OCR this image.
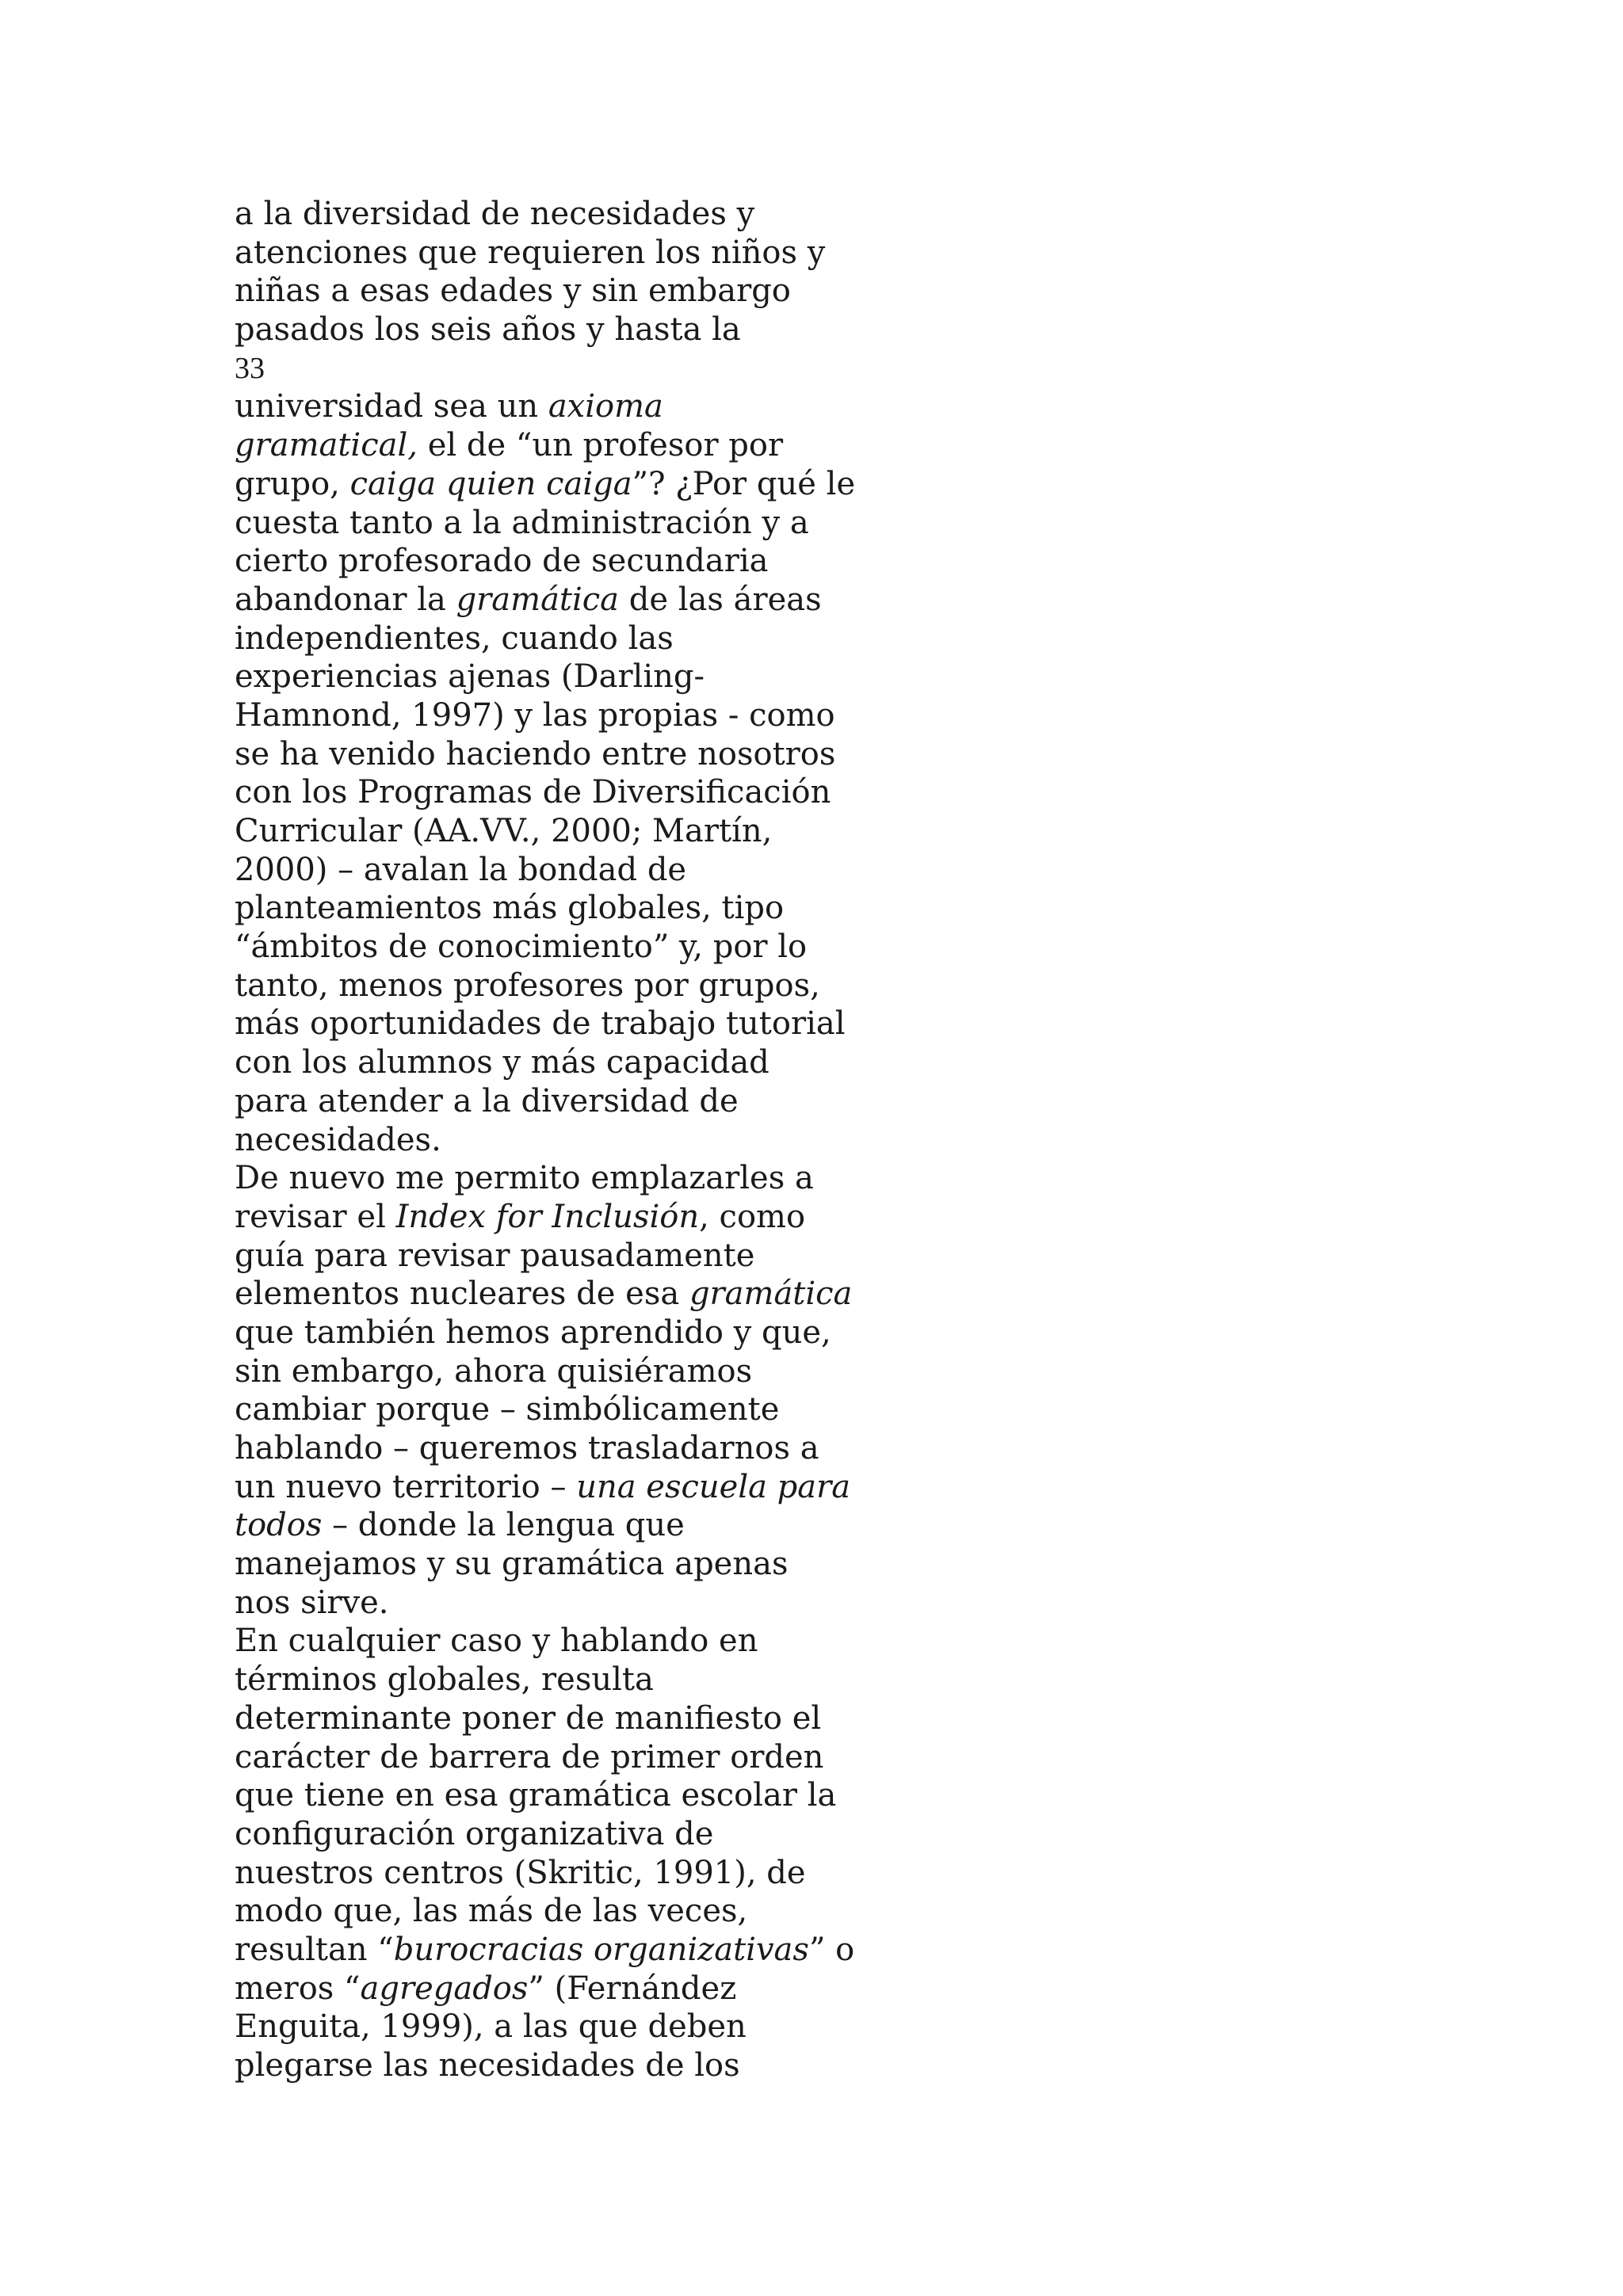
a la diversidad de necesidades y
atenciones que requieren los niños y
niñas a esas edades y sin embargo
pasados los seis años y hasta la
33
universidad sea un axioma
gramatical, el de “un profesor por
grupo, caiga quien caiga”? ¿Por qué le
cuesta tanto a la administración y a
cierto profesorado de secundaria
abandonar la gramática de las áreas
independientes, cuando las
experiencias ajenas (Darling-
Hamnond, 1997) y las propias - como
se ha venido haciendo entre nosotros
con los Programas de Diversificación
Curricular (AA.VV., 2000; Martín,
2000) – avalan la bondad de
planteamientos más globales, tipo
“ámbitos de conocimiento” y, por lo
tanto, menos profesores por grupos,
más oportunidades de trabajo tutorial
con los alumnos y más capacidad
para atender a la diversidad de
necesidades.
De nuevo me permito emplazarles a
revisar el Index for Inclusión, como
guía para revisar pausadamente
elementos nucleares de esa gramática
que también hemos aprendido y que,
sin embargo, ahora quisiéramos
cambiar porque – simbólicamente
hablando – queremos trasladarnos a
un nuevo territorio – una escuela para
todos – donde la lengua que
manejamos y su gramática apenas
nos sirve.
En cualquier caso y hablando en
términos globales, resulta
determinante poner de manifiesto el
carácter de barrera de primer orden
que tiene en esa gramática escolar la
configuración organizativa de
nuestros centros (Skritic, 1991), de
modo que, las más de las veces,
resultan “burocracias organizativas” o
meros “agregados” (Fernández
Enguita, 1999), a las que deben
plegarse las necesidades de los
